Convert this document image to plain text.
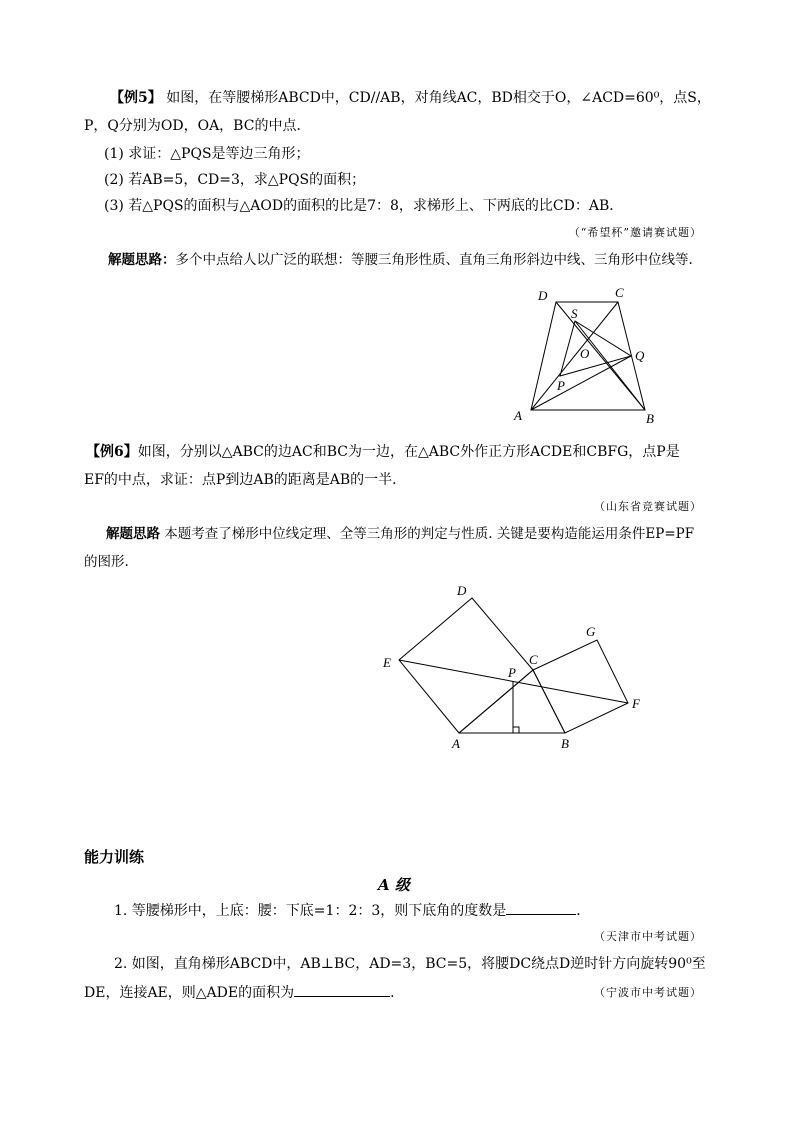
【例5】 如图，在等腰梯形ABCD中，CD//AB，对角线AC，BD相交于O，∠ACD=60⁰，点S，
P，Q分别为OD，OA，BC的中点．
(1) 求证：△PQS是等边三角形；
(2) 若AB=5，CD=3，求△PQS的面积；
(3) 若△PQS的面积与△AOD的面积的比是7：8，求梯形上、下两底的比CD：AB．
（“希望杯”邀请赛试题）
解题思路：多个中点给人以广泛的联想：等腰三角形性质、直角三角形斜边中线、三角形中位线等.
D	C
S
O	Q
P
A	B
【例6】如图，分别以△ABC的边AC和BC为一边，在△ABC外作正方形ACDE和CBFG，点P是
EF的中点，求证：点P到边AB的距离是AB的一半．
（山东省竞赛试题）
解题思路 本题考查了梯形中位线定理、全等三角形的判定与性质. 关键是要构造能运用条件EP=PF
的图形.
D
G
E	C
P
F
A	B
能力训练
A 级
1. 等腰梯形中，上底：腰：下底=1：2：3，则下底角的度数是	．
（天津市中考试题）
2. 如图，直角梯形ABCD中，AB⊥BC，AD=3，BC=5，将腰DC绕点D逆时针方向旋转90⁰至
DE，连接AE，则△ADE的面积为	．	（宁波市中考试题）
